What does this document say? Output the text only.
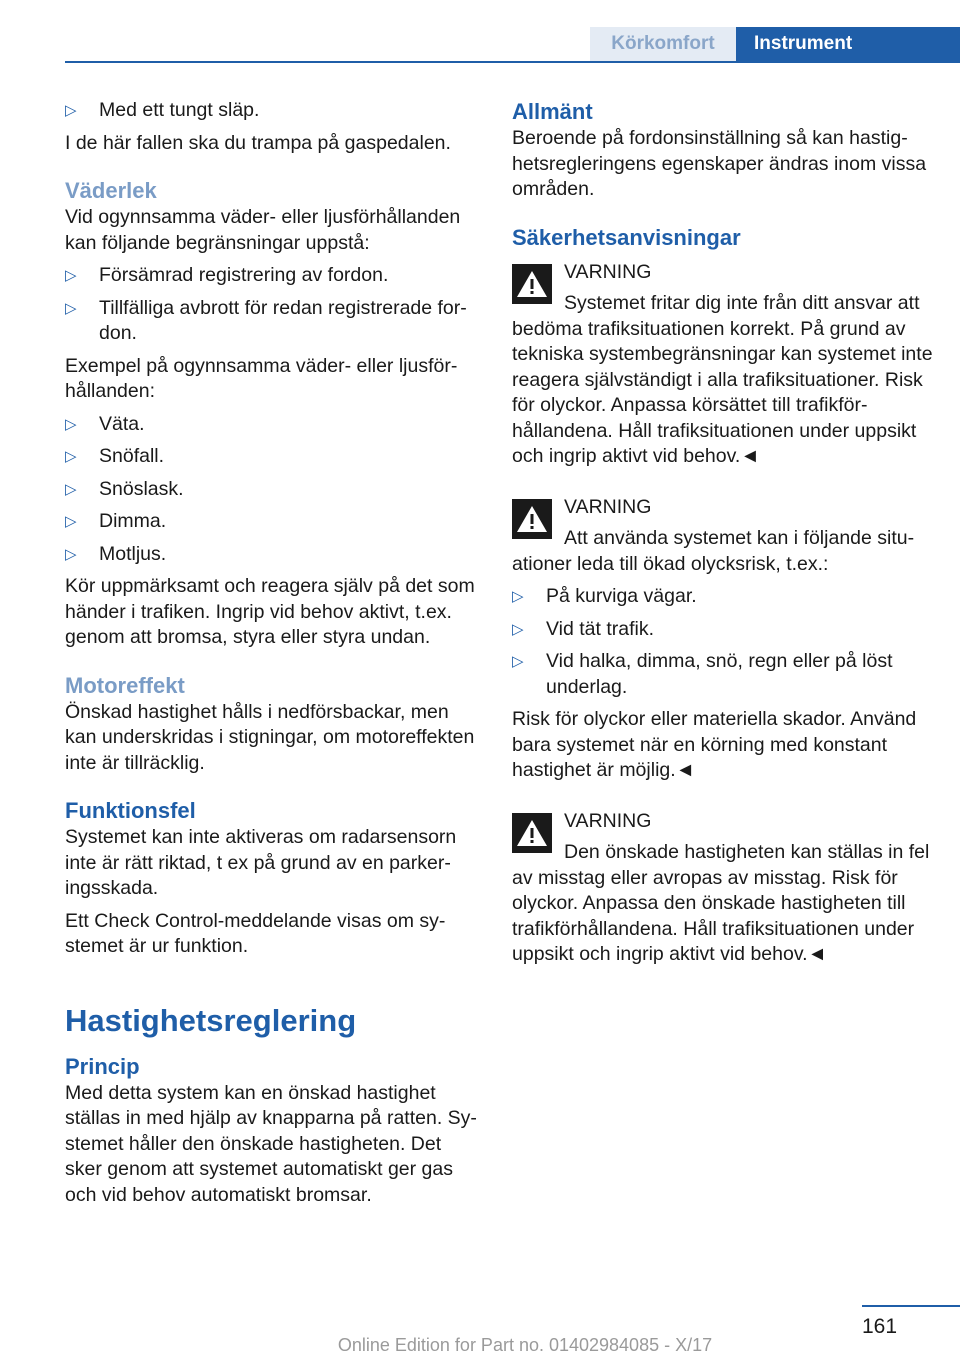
Körkomfort Instrument
▷ Med ett tungt släp.

I de här fallen ska du trampa på gaspedalen.

Väderlek

Vid ogynnsamma väder- eller ljusförhållanden kan följande begränsningar uppstå:

▷ Försämrad registrering av fordon.
▷ Tillfälliga avbrott för redan registrerade fordon.

Exempel på ogynnsamma väder- eller ljusförhållanden:

▷ Väta.
▷ Snöfall.
▷ Snöslask.
▷ Dimma.
▷ Motljus.

Kör uppmärksamt och reagera själv på det som händer i trafiken. Ingrip vid behov aktivt, t.ex. genom att bromsa, styra eller styra undan.

Motoreffekt

Önskad hastighet hålls i nedförsbackar, men kan underskridas i stigningar, om motoreffekten inte är tillräcklig.

Funktionsfel

Systemet kan inte aktiveras om radarsensorn inte är rätt riktad, t ex på grund av en parkeringsskada.

Ett Check Control-meddelande visas om systemet är ur funktion.

Hastighetsreglering
Princip

Med detta system kan en önskad hastighet ställas in med hjälp av knapparna på ratten. Systemet håller den önskade hastigheten. Det sker genom att systemet automatiskt ger gas och vid behov automatiskt bromsar.

Allmänt

Beroende på fordonsinställning så kan hastighetsregleringens egenskaper ändras inom vissa områden.

Säkerhetsanvisningar
VARNING

Systemet fritar dig inte från ditt ansvar att bedöma trafiksituationen korrekt. På grund av tekniska systembegränsningar kan systemet inte reagera självständigt i alla trafiksituationer. Risk för olyckor. Anpassa körsättet till trafikförhållandena. Håll trafiksituationen under uppsikt och ingrip aktivt vid behov.◄

VARNING

Att använda systemet kan i följande situationer leda till ökad olycksrisk, t.ex.:

▷ På kurviga vägar.
▷ Vid tät trafik.
▷ Vid halka, dimma, snö, regn eller på löst underlag.

Risk för olyckor eller materiella skador. Använd bara systemet när en körning med konstant hastighet är möjlig.◄

VARNING

Den önskade hastigheten kan ställas in fel av misstag eller avropas av misstag. Risk för olyckor. Anpassa den önskade hastigheten till trafikförhållandena. Håll trafiksituationen under uppsikt och ingrip aktivt vid behov.◄

161
Online Edition for Part no. 01402984085 - X/17
